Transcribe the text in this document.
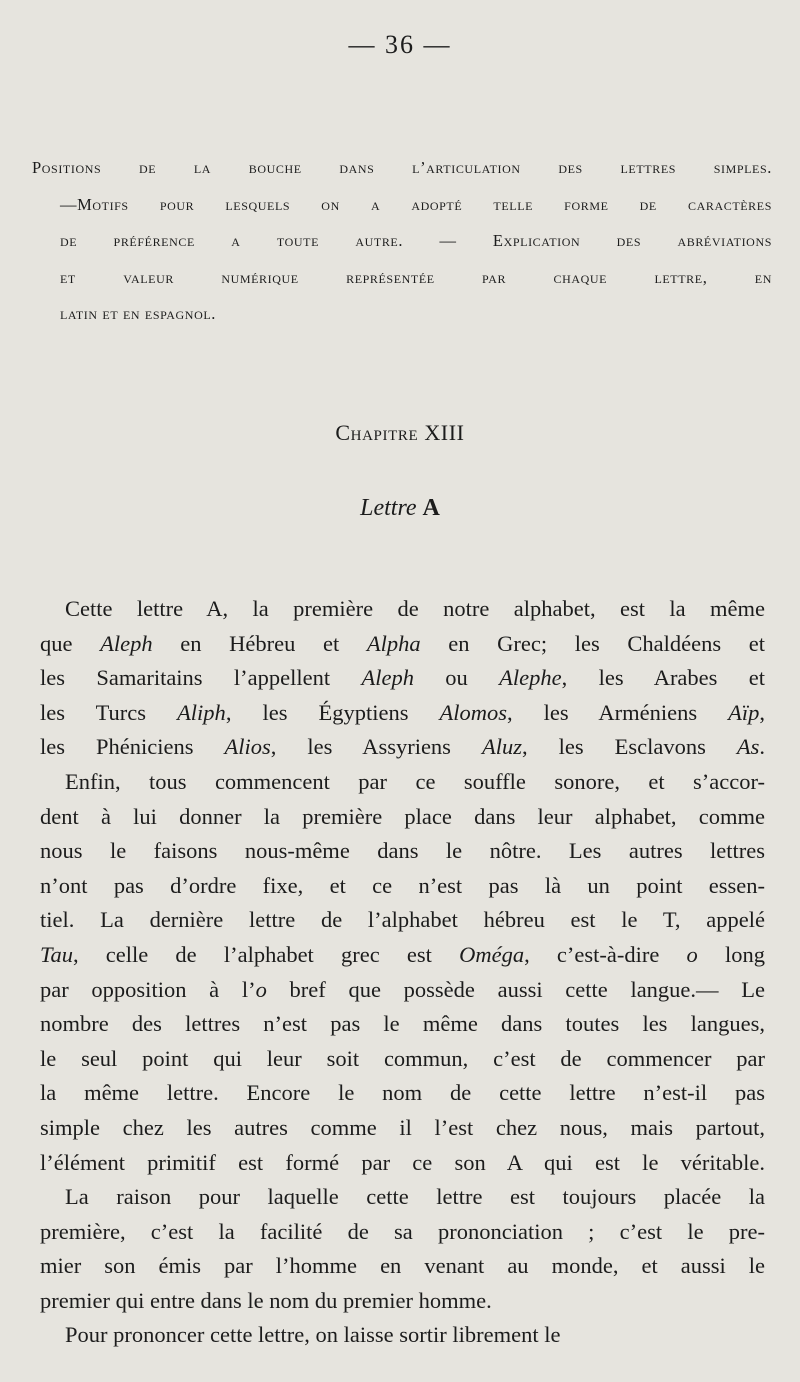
— 36 —
Positions de la bouche dans l’articulation des lettres simples.
—Motifs pour lesquels on a adopté telle forme de caractères
de préférence a toute autre. — Explication des abréviations
et valeur numérique représentée par chaque lettre, en
latin et en espagnol.
Chapitre XIII
Lettre A
Cette lettre A, la première de notre alphabet, est la même
que Aleph en Hébreu et Alpha en Grec; les Chaldéens et
les Samaritains l’appellent Aleph ou Alephe, les Arabes et
les Turcs Aliph, les Égyptiens Alomos, les Arméniens Aïp,
les Phéniciens Alios, les Assyriens Aluz, les Esclavons As.
Enfin, tous commencent par ce souffle sonore, et s’accor-
dent à lui donner la première place dans leur alphabet, comme
nous le faisons nous-même dans le nôtre. Les autres lettres
n’ont pas d’ordre fixe, et ce n’est pas là un point essen-
tiel. La dernière lettre de l’alphabet hébreu est le T, appelé
Tau, celle de l’alphabet grec est Oméga, c’est-à-dire o long
par opposition à l’o bref que possède aussi cette langue.— Le
nombre des lettres n’est pas le même dans toutes les langues,
le seul point qui leur soit commun, c’est de commencer par
la même lettre. Encore le nom de cette lettre n’est-il pas
simple chez les autres comme il l’est chez nous, mais partout,
l’élément primitif est formé par ce son A qui est le véritable.
La raison pour laquelle cette lettre est toujours placée la
première, c’est la facilité de sa prononciation ; c’est le pre-
mier son émis par l’homme en venant au monde, et aussi le
premier qui entre dans le nom du premier homme.
Pour prononcer cette lettre, on laisse sortir librement le
